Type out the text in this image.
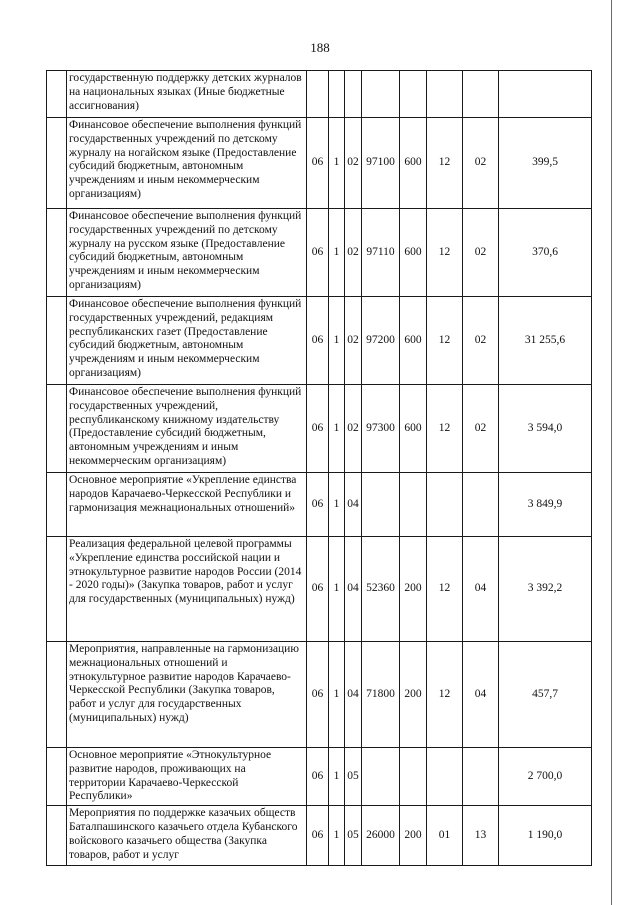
188
	государственную поддержку детских журналов на национальных языках (Иные бюджетные ассигнования)								
	Финансовое обеспечение выполнения функций государственных учреждений по детскому журналу на ногайском языке (Предоставление субсидий бюджетным, автономным учреждениям и иным некоммерческим организациям)	06	1	02	97100	600	12	02	399,5
	Финансовое обеспечение выполнения функций государственных учреждений по детскому журналу на русском языке (Предоставление субсидий бюджетным, автономным учреждениям и иным некоммерческим организациям)	06	1	02	97110	600	12	02	370,6
	Финансовое обеспечение выполнения функций государственных учреждений, редакциям республиканских газет (Предоставление субсидий бюджетным, автономным учреждениям и иным некоммерческим организациям)	06	1	02	97200	600	12	02	31 255,6
	Финансовое обеспечение выполнения функций государственных учреждений, республиканскому книжному издательству (Предоставление субсидий бюджетным, автономным учреждениям и иным некоммерческим организациям)	06	1	02	97300	600	12	02	3 594,0
	Основное мероприятие «Укрепление единства народов Карачаево-Черкесской Республики и гармонизация межнациональных отношений»	06	1	04					3 849,9
	Реализация федеральной целевой программы «Укрепление единства российской нации и этнокультурное развитие народов России (2014 - 2020 годы)» (Закупка товаров, работ и услуг для государственных (муниципальных) нужд)	06	1	04	52360	200	12	04	3 392,2
	Мероприятия, направленные на гармонизацию межнациональных отношений и этнокультурное развитие народов Карачаево-Черкесской Республики (Закупка товаров, работ и услуг для государственных (муниципальных) нужд)	06	1	04	71800	200	12	04	457,7
	Основное мероприятие «Этнокультурное развитие народов, проживающих на территории Карачаево-Черкесской Республики»	06	1	05					2 700,0
	Мероприятия по поддержке казачьих обществ Баталпашинского казачьего отдела Кубанского войскового казачьего общества (Закупка товаров, работ и услуг	06	1	05	26000	200	01	13	1 190,0
